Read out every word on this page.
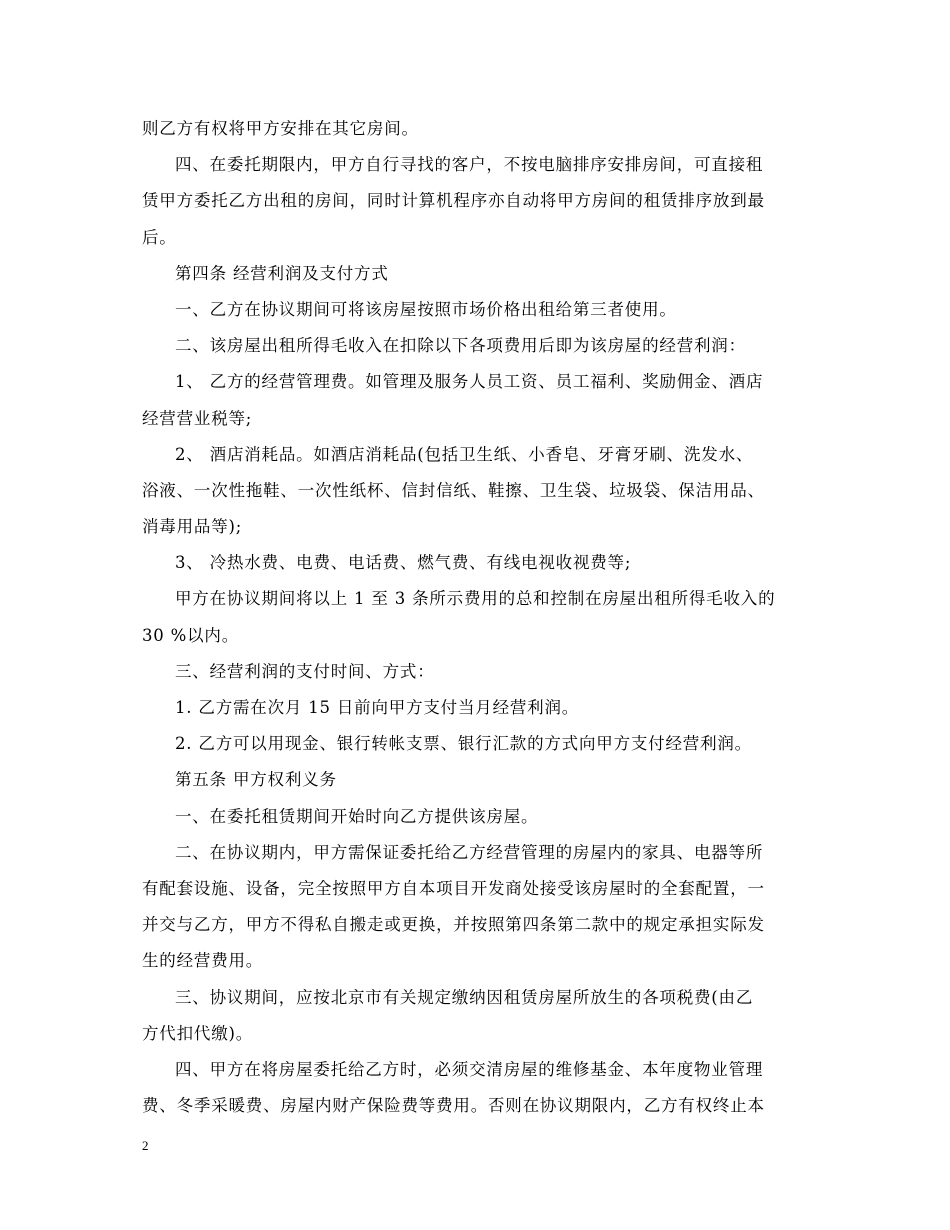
则乙方有权将甲方安排在其它房间。
四、在委托期限内，甲方自行寻找的客户，不按电脑排序安排房间，可直接租
赁甲方委托乙方出租的房间，同时计算机程序亦自动将甲方房间的租赁排序放到最
后。
第四条 经营利润及支付方式
一、乙方在协议期间可将该房屋按照市场价格出租给第三者使用。
二、该房屋出租所得毛收入在扣除以下各项费用后即为该房屋的经营利润：
1、 乙方的经营管理费。如管理及服务人员工资、员工福利、奖励佣金、酒店
经营营业税等;
2、 酒店消耗品。如酒店消耗品(包括卫生纸、小香皂、牙膏牙刷、洗发水、
浴液、一次性拖鞋、一次性纸杯、信封信纸、鞋擦、卫生袋、垃圾袋、保洁用品、
消毒用品等);
3、 冷热水费、电费、电话费、燃气费、有线电视收视费等;
甲方在协议期间将以上 1 至 3 条所示费用的总和控制在房屋出租所得毛收入的
30 %以内。
三、经营利润的支付时间、方式：
1. 乙方需在次月 15 日前向甲方支付当月经营利润。
2. 乙方可以用现金、银行转帐支票、银行汇款的方式向甲方支付经营利润。
第五条 甲方权利义务
一、在委托租赁期间开始时向乙方提供该房屋。
二、在协议期内，甲方需保证委托给乙方经营管理的房屋内的家具、电器等所
有配套设施、设备，完全按照甲方自本项目开发商处接受该房屋时的全套配置，一
并交与乙方，甲方不得私自搬走或更换，并按照第四条第二款中的规定承担实际发
生的经营费用。
三、协议期间，应按北京市有关规定缴纳因租赁房屋所放生的各项税费(由乙
方代扣代缴)。
四、甲方在将房屋委托给乙方时，必须交清房屋的维修基金、本年度物业管理
费、冬季采暖费、房屋内财产保险费等费用。否则在协议期限内，乙方有权终止本
2
